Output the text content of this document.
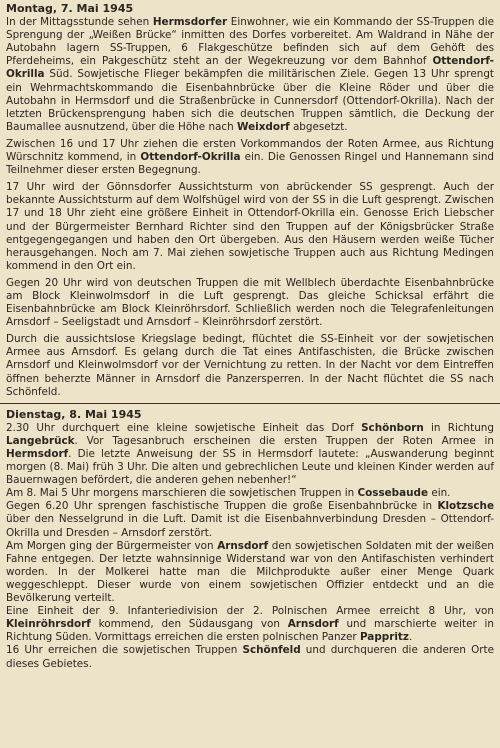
Montag, 7. Mai 1945
In der Mittagsstunde sehen Hermsdorfer Einwohner, wie ein Kommando der SS-Truppen die Sprengung der „Weißen Brücke“ inmitten des Dorfes vorbereitet. Am Waldrand in Nähe der Autobahn lagern SS-Truppen, 6 Flakgeschütze befinden sich auf dem Gehöft des Pferdeheims, ein Pakgeschütz steht an der Wegekreuzung vor dem Bahnhof Ottendorf-Okrilla Süd. Sowjetische Flieger bekämpfen die militärischen Ziele. Gegen 13 Uhr sprengt ein Wehrmachtskommando die Eisenbahnbrücke über die Kleine Röder und über die Autobahn in Hermsdorf und die Straßenbrücke in Cunnersdorf (Ottendorf-Okrilla). Nach der letzten Brückensprengung haben sich die deutschen Truppen sämtlich, die Deckung der Baumallee ausnutzend, über die Höhe nach Weixdorf abgesetzt.
Zwischen 16 und 17 Uhr ziehen die ersten Vorkommandos der Roten Armee, aus Richtung Würschnitz kommend, in Ottendorf-Okrilla ein. Die Genossen Ringel und Hannemann sind Teilnehmer dieser ersten Begegnung.
17 Uhr wird der Gönnsdorfer Aussichtsturm von abrückender SS gesprengt. Auch der bekannte Aussichtsturm auf dem Wolfshügel wird von der SS in die Luft gesprengt. Zwischen 17 und 18 Uhr zieht eine größere Einheit in Ottendorf-Okrilla ein. Genosse Erich Liebscher und der Bürgermeister Bernhard Richter sind den Truppen auf der Königsbrücker Straße entgegengegangen und haben den Ort übergeben. Aus den Häusern werden weiße Tücher herausgehangen. Noch am 7. Mai ziehen sowjetische Truppen auch aus Richtung Medingen kommend in den Ort ein.
Gegen 20 Uhr wird von deutschen Truppen die mit Wellblech überdachte Eisenbahnbrücke am Block Kleinwolmsdorf in die Luft gesprengt. Das gleiche Schicksal erfährt die Eisenbahnbrücke am Block Kleinröhrsdorf. Schließlich werden noch die Telegrafenleitungen Arnsdorf – Seeligstadt und Arnsdorf – Kleinröhrsdorf zerstört.
Durch die aussichtslose Kriegslage bedingt, flüchtet die SS-Einheit vor der sowjetischen Armee aus Arnsdorf. Es gelang durch die Tat eines Antifaschisten, die Brücke zwischen Arnsdorf und Kleinwolmsdorf vor der Vernichtung zu retten. In der Nacht vor dem Eintreffen öffnen beherzte Männer in Arnsdorf die Panzersperren. In der Nacht flüchtet die SS nach Schönfeld.
Dienstag, 8. Mai 1945
2.30 Uhr durchquert eine kleine sowjetische Einheit das Dorf Schönborn in Richtung Langebrück. Vor Tagesanbruch erscheinen die ersten Truppen der Roten Armee in Hermsdorf. Die letzte Anweisung der SS in Hermsdorf lautete: „Auswanderung beginnt morgen (8. Mai) früh 3 Uhr. Die alten und gebrechlichen Leute und kleinen Kinder werden auf Bauernwagen befördert, die anderen gehen nebenher!“
Am 8. Mai 5 Uhr morgens marschieren die sowjetischen Truppen in Cossebaude ein.
Gegen 6.20 Uhr sprengen faschistische Truppen die große Eisenbahnbrücke in Klotzsche über den Nesselgrund in die Luft. Damit ist die Eisenbahnverbindung Dresden – Ottendorf-Okrilla und Dresden – Arnsdorf zerstört.
Am Morgen ging der Bürgermeister von Arnsdorf den sowjetischen Soldaten mit der weißen Fahne entgegen. Der letzte wahnsinnige Widerstand war von den Antifaschisten verhindert worden. In der Molkerei hatte man die Milchprodukte außer einer Menge Quark weggeschleppt. Dieser wurde von einem sowjetischen Offizier entdeckt und an die Bevölkerung verteilt.
Eine Einheit der 9. Infanteriedivision der 2. Polnischen Armee erreicht 8 Uhr, von Kleinröhrsdorf kommend, den Südausgang von Arnsdorf und marschierte weiter in Richtung Süden. Vormittags erreichen die ersten polnischen Panzer Pappritz.
16 Uhr erreichen die sowjetischen Truppen Schönfeld und durchqueren die anderen Orte dieses Gebietes.
